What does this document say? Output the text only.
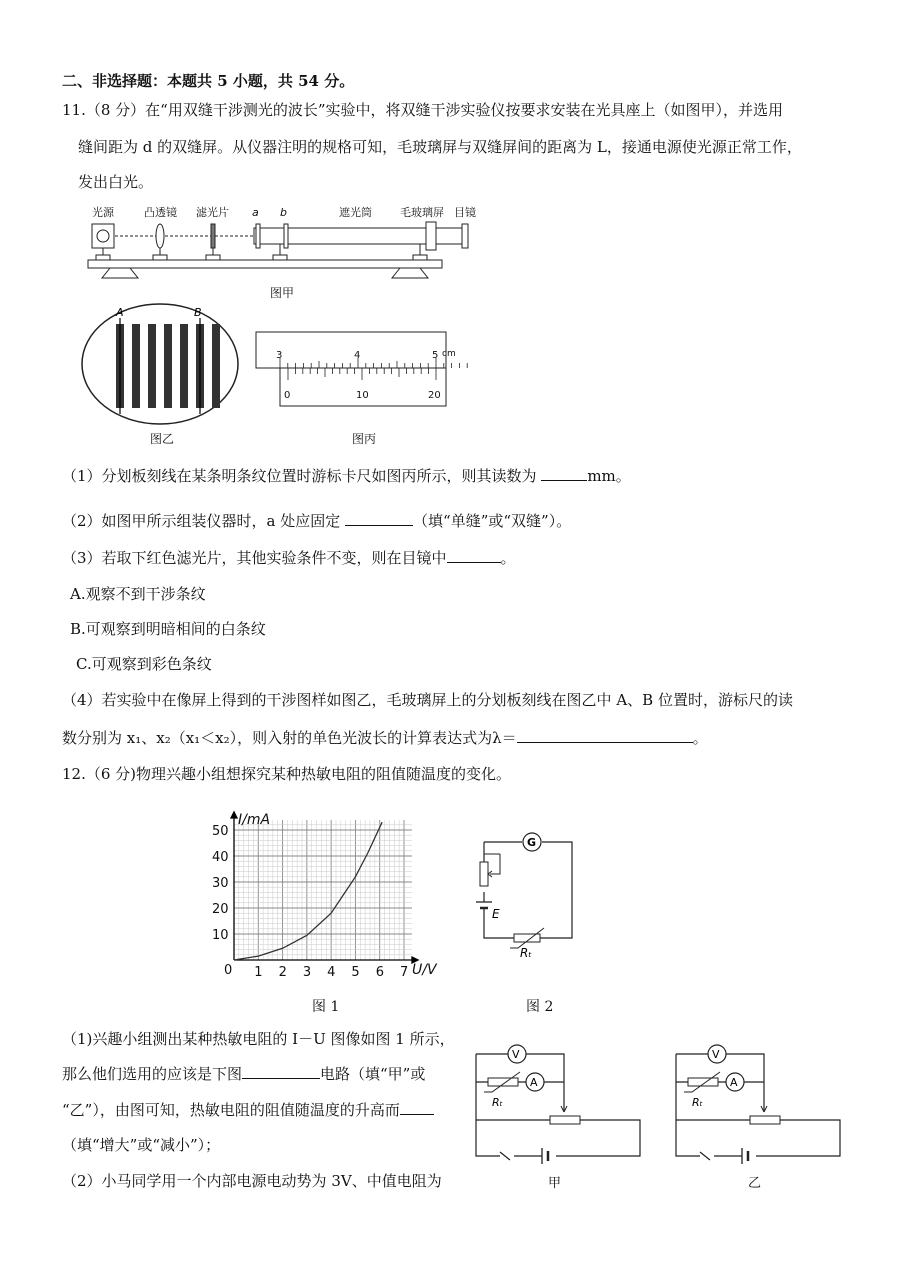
二、非选择题：本题共 5 小题，共 54 分。
11.（8 分）在“用双缝干涉测光的波长”实验中，将双缝干涉实验仪按要求安装在光具座上（如图甲），并选用
缝间距为 d 的双缝屏。从仪器注明的规格可知，毛玻璃屏与双缝屏间的距离为 L，接通电源使光源正常工作，
发出白光。
光源	凸透镜 滤光片 a b	遮光筒	毛玻璃屏 目镜
图甲
A	B
图乙
3	4	5 cm
0	10	20
图丙
（1）分划板刻线在某条明条纹位置时游标卡尺如图丙所示，则其读数为	mm。
（2）如图甲所示组装仪器时，a 处应固定	（填“单缝”或“双缝”）。
（3）若取下红色滤光片，其他实验条件不变，则在目镜中	。
A.观察不到干涉条纹
B.可观察到明暗相间的白条纹
C.可观察到彩色条纹
（4）若实验中在像屏上得到的干涉图样如图乙，毛玻璃屏上的分划板刻线在图乙中 A、B 位置时，游标尺的读
数分别为 x₁、x₂（x₁＜x₂），则入射的单色光波长的计算表达式为λ＝	。
12.（6 分)物理兴趣小组想探究某种热敏电阻的阻值随温度的变化。
1 2 3 4 5 6 7
10
20
30
40
50
0
I/mA
U/V
图 1
G
E
Rₜ
图 2
（1)兴趣小组测出某种热敏电阻的 I－U 图像如图 1 所示，
那么他们选用的应该是下图	电路（填“甲”或
“乙”），由图可知，热敏电阻的阻值随温度的升高而
（填“增大”或“减小”）；
（2）小马同学用一个内部电源电动势为 3V、中值电阻为
V
Rₜ
A
甲
V
Rₜ
A
乙
